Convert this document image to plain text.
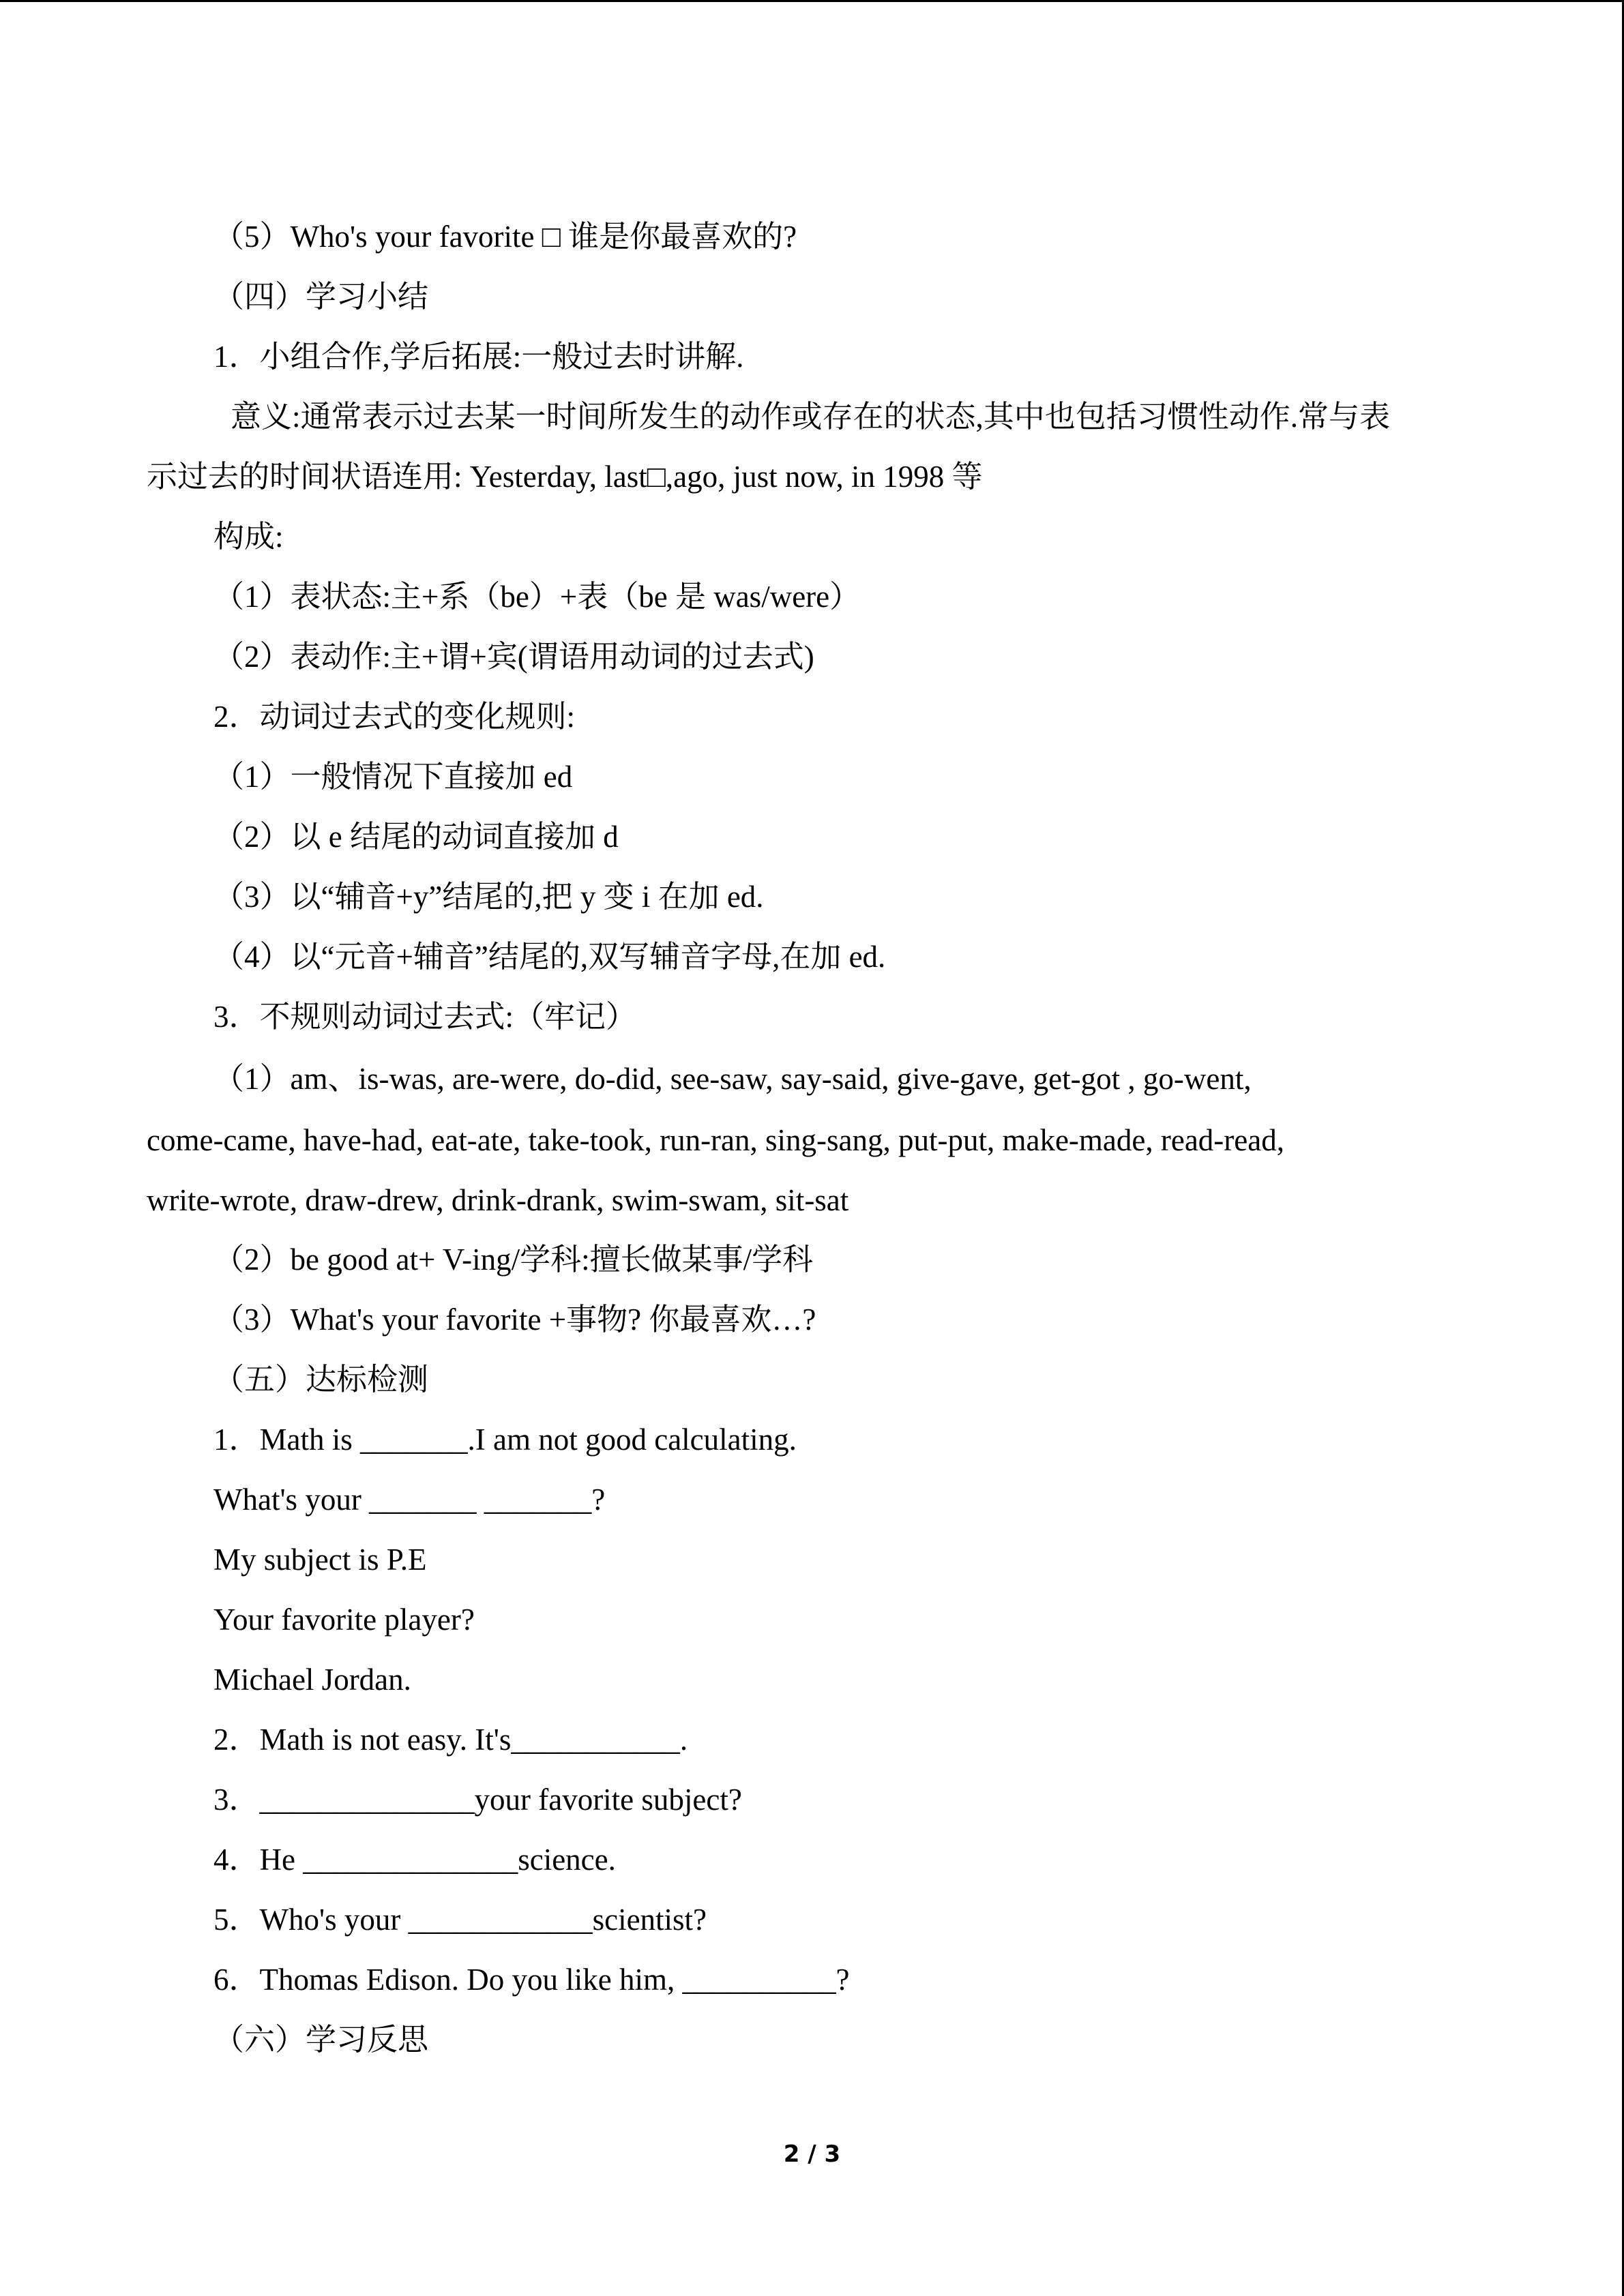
（5）Who's your favorite □ 谁是你最喜欢的?
（四）学习小结
1．小组合作,学后拓展:一般过去时讲解.
意义:通常表示过去某一时间所发生的动作或存在的状态,其中也包括习惯性动作.常与表
示过去的时间状语连用: Yesterday, last□,ago, just now, in 1998 等
构成:
（1）表状态:主+系（be）+表（be 是 was/were）
（2）表动作:主+谓+宾(谓语用动词的过去式)
2．动词过去式的变化规则:
（1）一般情况下直接加 ed
（2）以 e 结尾的动词直接加 d
（3）以“辅音+y”结尾的,把 y 变 i 在加 ed.
（4）以“元音+辅音”结尾的,双写辅音字母,在加 ed.
3．不规则动词过去式:（牢记）
（1）am、is-was, are-were, do-did, see-saw, say-said, give-gave, get-got , go-went,
come-came, have-had, eat-ate, take-took, run-ran, sing-sang, put-put, make-made, read-read,
write-wrote, draw-drew, drink-drank, swim-swam, sit-sat
（2）be good at+ V-ing/学科:擅长做某事/学科
（3）What's your favorite +事物? 你最喜欢…?
（五）达标检测
1．Math is _______.I am not good calculating.
What's your _______ _______?
My subject is P.E
Your favorite player?
Michael Jordan.
2．Math is not easy. It's___________.
3．______________your favorite subject?
4．He ______________science.
5．Who's your ____________scientist?
6．Thomas Edison. Do you like him, __________?
（六）学习反思
2 / 3
